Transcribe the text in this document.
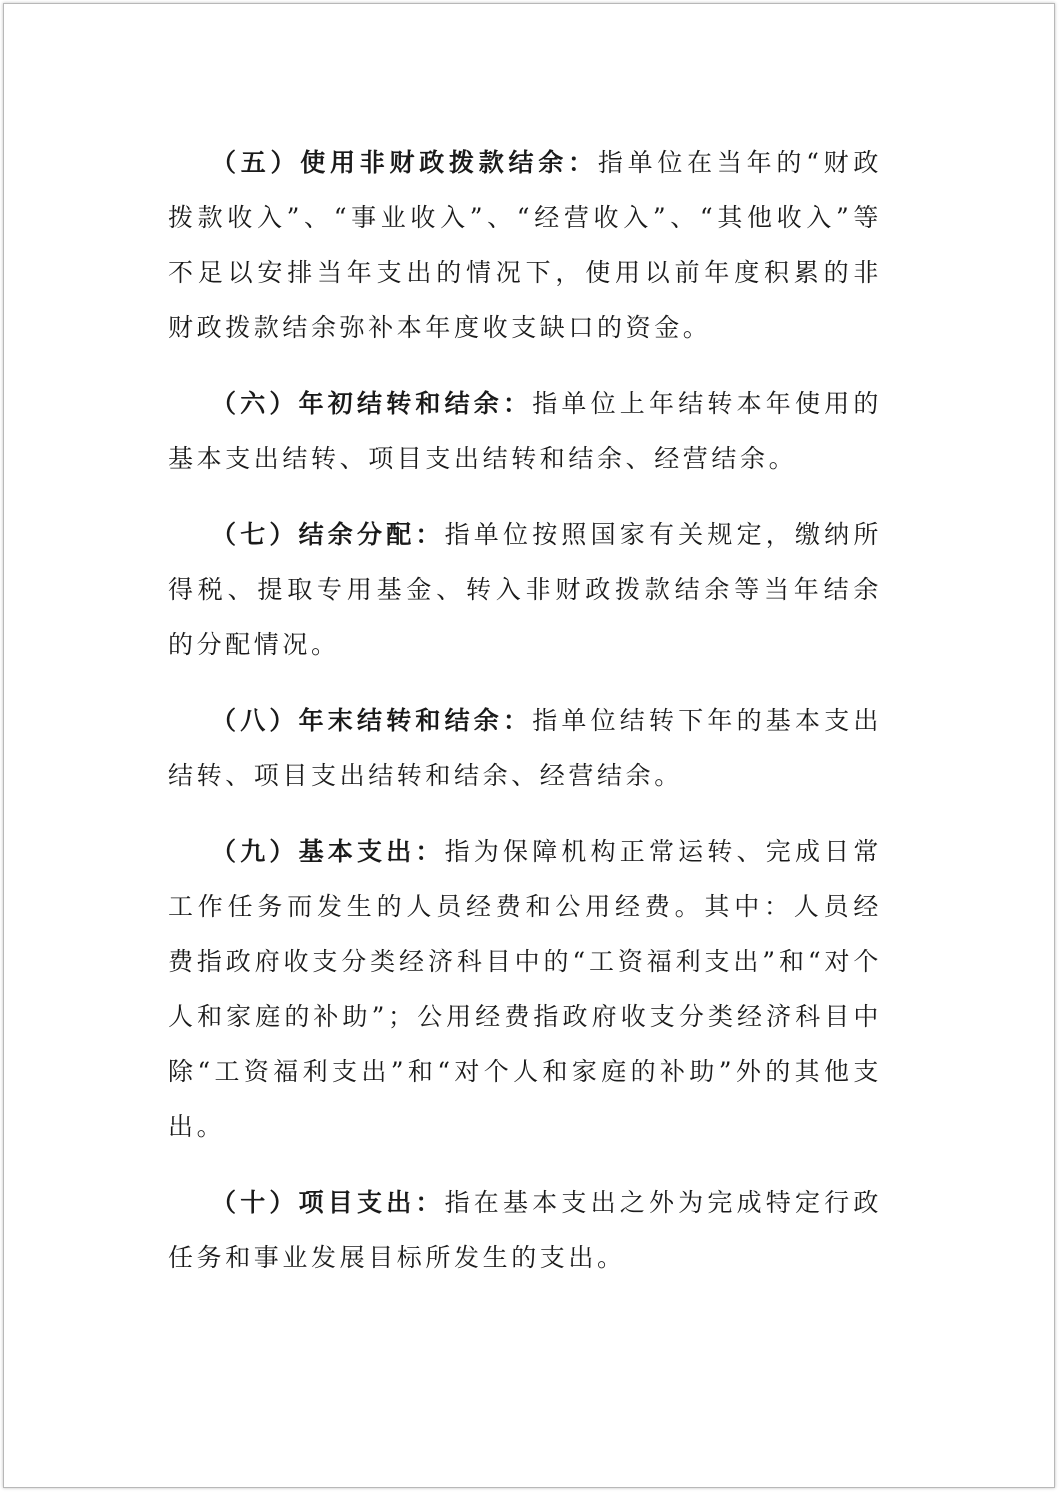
（五）使用非财政拨款结余：指单位在当年的“财政拨款收入”、“事业收入”、“经营收入”、“其他收入”等不足以安排当年支出的情况下，使用以前年度积累的非财政拨款结余弥补本年度收支缺口的资金。

（六）年初结转和结余：指单位上年结转本年使用的基本支出结转、项目支出结转和结余、经营结余。

（七）结余分配：指单位按照国家有关规定，缴纳所得税、提取专用基金、转入非财政拨款结余等当年结余的分配情况。

（八）年末结转和结余：指单位结转下年的基本支出结转、项目支出结转和结余、经营结余。

（九）基本支出：指为保障机构正常运转、完成日常工作任务而发生的人员经费和公用经费。其中：人员经费指政府收支分类经济科目中的“工资福利支出”和“对个人和家庭的补助”；公用经费指政府收支分类经济科目中除“工资福利支出”和“对个人和家庭的补助”外的其他支出。

（十）项目支出：指在基本支出之外为完成特定行政任务和事业发展目标所发生的支出。
